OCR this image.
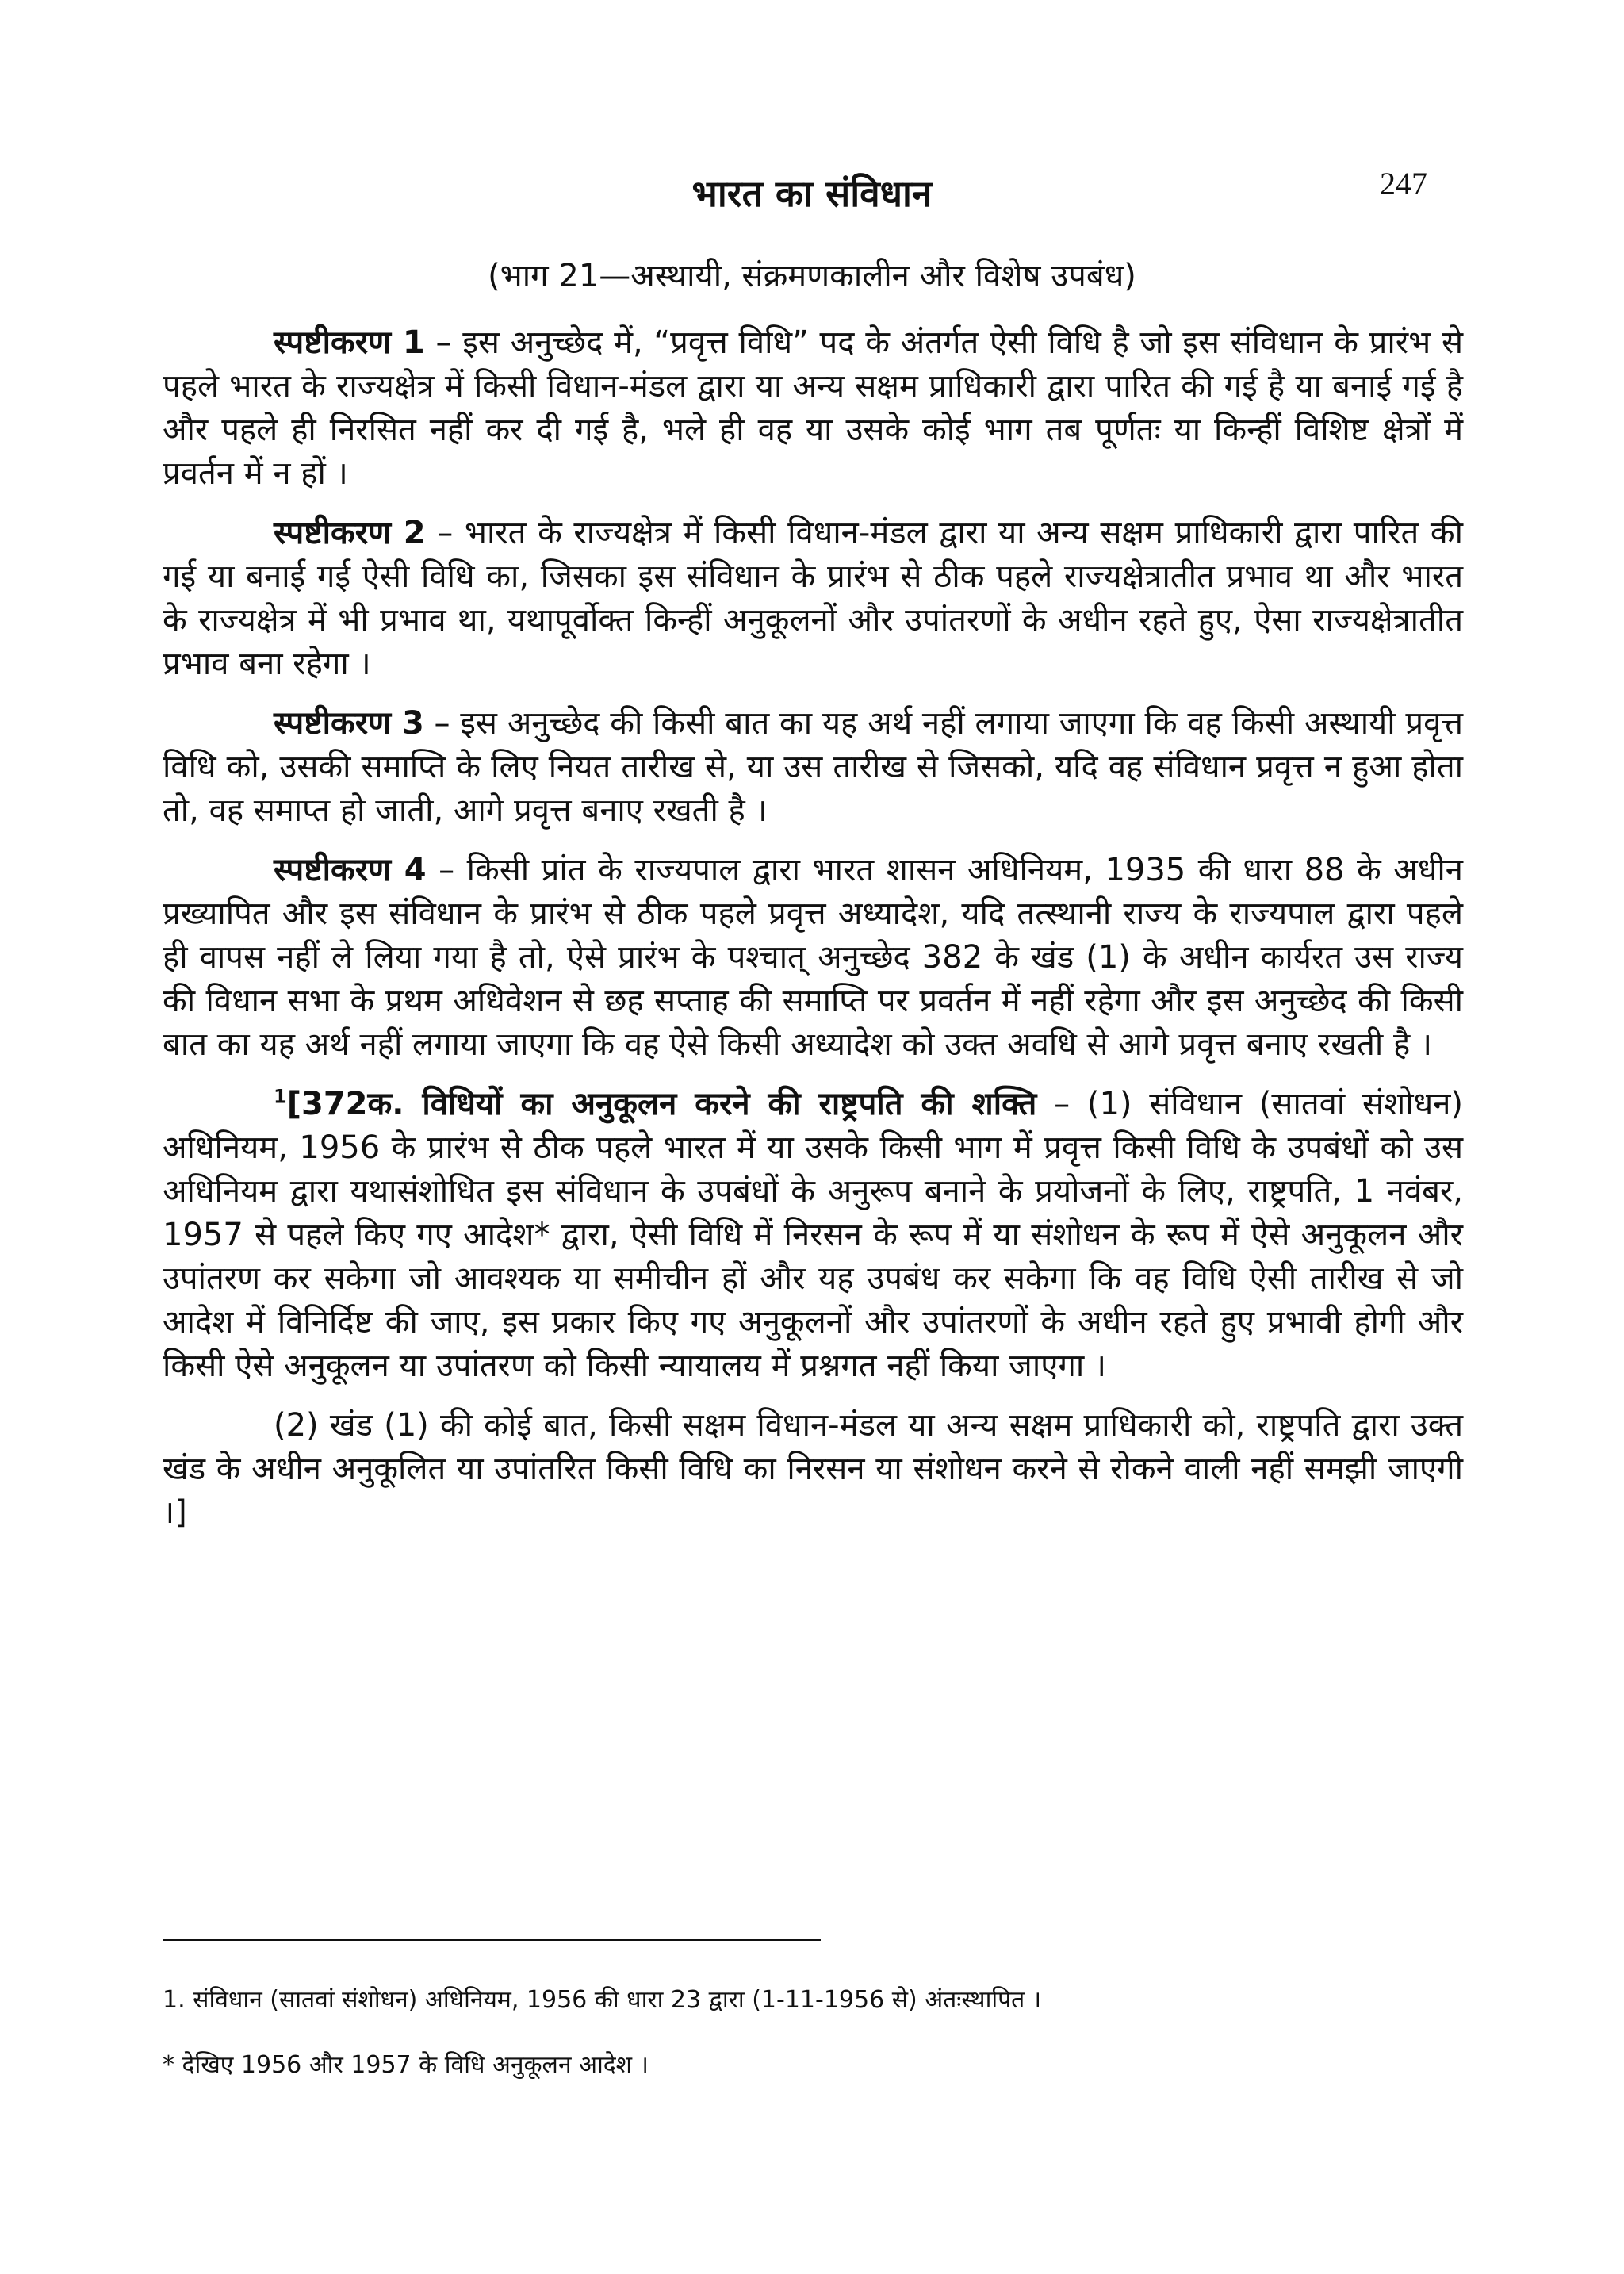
247
भारत का संविधान
(भाग 21—अस्थायी, संक्रमणकालीन और विशेष उपबंध)

स्पष्टीकरण 1 – इस अनुच्छेद में, “प्रवृत्त विधि” पद के अंतर्गत ऐसी विधि है जो इस संविधान के प्रारंभ से पहले भारत के राज्यक्षेत्र में किसी विधान-मंडल द्वारा या अन्य सक्षम प्राधिकारी द्वारा पारित की गई है या बनाई गई है और पहले ही निरसित नहीं कर दी गई है, भले ही वह या उसके कोई भाग तब पूर्णतः या किन्हीं विशिष्ट क्षेत्रों में प्रवर्तन में न हों ।

स्पष्टीकरण 2 – भारत के राज्यक्षेत्र में किसी विधान-मंडल द्वारा या अन्य सक्षम प्राधिकारी द्वारा पारित की गई या बनाई गई ऐसी विधि का, जिसका इस संविधान के प्रारंभ से ठीक पहले राज्यक्षेत्रातीत प्रभाव था और भारत के राज्यक्षेत्र में भी प्रभाव था, यथापूर्वोक्त किन्हीं अनुकूलनों और उपांतरणों के अधीन रहते हुए, ऐसा राज्यक्षेत्रातीत प्रभाव बना रहेगा ।

स्पष्टीकरण 3 – इस अनुच्छेद की किसी बात का यह अर्थ नहीं लगाया जाएगा कि वह किसी अस्थायी प्रवृत्त विधि को, उसकी समाप्ति के लिए नियत तारीख से, या उस तारीख से जिसको, यदि वह संविधान प्रवृत्त न हुआ होता तो, वह समाप्त हो जाती, आगे प्रवृत्त बनाए रखती है ।

स्पष्टीकरण 4 – किसी प्रांत के राज्यपाल द्वारा भारत शासन अधिनियम, 1935 की धारा 88 के अधीन प्रख्यापित और इस संविधान के प्रारंभ से ठीक पहले प्रवृत्त अध्यादेश, यदि तत्स्थानी राज्य के राज्यपाल द्वारा पहले ही वापस नहीं ले लिया गया है तो, ऐसे प्रारंभ के पश्चात् अनुच्छेद 382 के खंड (1) के अधीन कार्यरत उस राज्य की विधान सभा के प्रथम अधिवेशन से छह सप्ताह की समाप्ति पर प्रवर्तन में नहीं रहेगा और इस अनुच्छेद की किसी बात का यह अर्थ नहीं लगाया जाएगा कि वह ऐसे किसी अध्यादेश को उक्त अवधि से आगे प्रवृत्त बनाए रखती है ।

$^1$[372क. विधियों का अनुकूलन करने की राष्ट्रपति की शक्ति – (1) संविधान (सातवां संशोधन) अधिनियम, 1956 के प्रारंभ से ठीक पहले भारत में या उसके किसी भाग में प्रवृत्त किसी विधि के उपबंधों को उस अधिनियम द्वारा यथासंशोधित इस संविधान के उपबंधों के अनुरूप बनाने के प्रयोजनों के लिए, राष्ट्रपति, 1 नवंबर, 1957 से पहले किए गए आदेश* द्वारा, ऐसी विधि में निरसन के रूप में या संशोधन के रूप में ऐसे अनुकूलन और उपांतरण कर सकेगा जो आवश्यक या समीचीन हों और यह उपबंध कर सकेगा कि वह विधि ऐसी तारीख से जो आदेश में विनिर्दिष्ट की जाए, इस प्रकार किए गए अनुकूलनों और उपांतरणों के अधीन रहते हुए प्रभावी होगी और किसी ऐसे अनुकूलन या उपांतरण को किसी न्यायालय में प्रश्नगत नहीं किया जाएगा ।

(2) खंड (1) की कोई बात, किसी सक्षम विधान-मंडल या अन्य सक्षम प्राधिकारी को, राष्ट्रपति द्वारा उक्त खंड के अधीन अनुकूलित या उपांतरित किसी विधि का निरसन या संशोधन करने से रोकने वाली नहीं समझी जाएगी ।]

1. संविधान (सातवां संशोधन) अधिनियम, 1956 की धारा 23 द्वारा (1-11-1956 से) अंतःस्थापित ।
* देखिए 1956 और 1957 के विधि अनुकूलन आदेश ।
